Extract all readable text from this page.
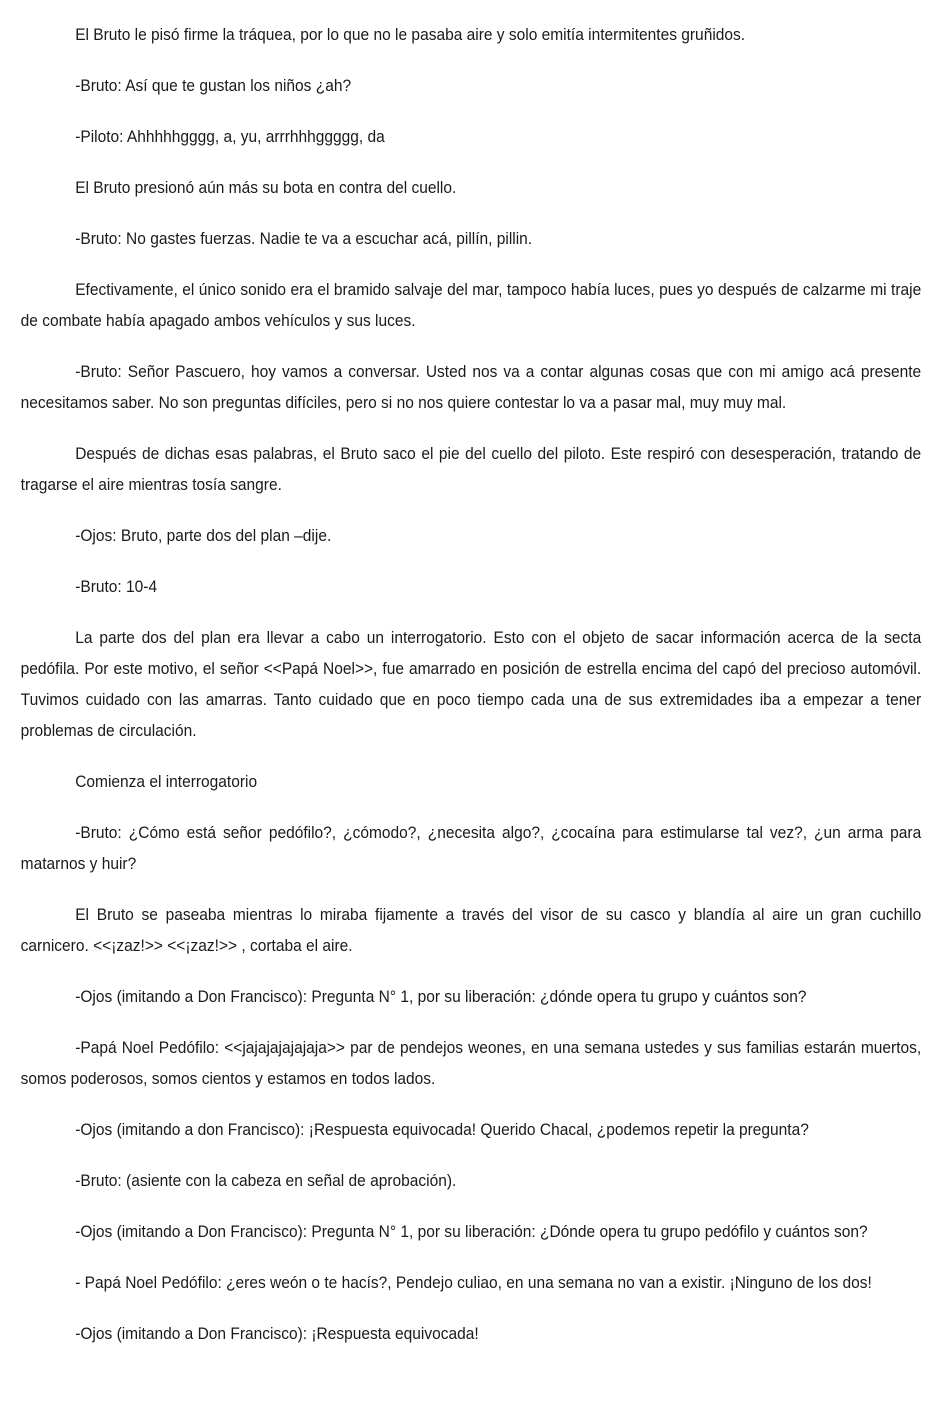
El Bruto le pisó firme la tráquea, por lo que no le pasaba aire y solo emitía intermitentes gruñidos.

-Bruto: Así que te gustan los niños ¿ah?

-Piloto: Ahhhhhgggg, a, yu, arrrhhhggggg, da

El Bruto presionó aún más su bota en contra del cuello.

-Bruto: No gastes fuerzas. Nadie te va a escuchar acá, pillín, pillin.

Efectivamente, el único sonido era el bramido salvaje del mar, tampoco había luces, pues yo después de calzarme mi traje de combate había apagado ambos vehículos y sus luces.

-Bruto: Señor Pascuero, hoy vamos a conversar. Usted nos va a contar algunas cosas que con mi amigo acá presente necesitamos saber. No son preguntas difíciles, pero si no nos quiere contestar lo va a pasar mal, muy muy mal.

Después de dichas esas palabras, el Bruto saco el pie del cuello del piloto. Este respiró con desesperación, tratando de tragarse el aire mientras tosía sangre.

-Ojos: Bruto, parte dos del plan –dije.

-Bruto: 10-4

La parte dos del plan era llevar a cabo un interrogatorio. Esto con el objeto de sacar información acerca de la secta pedófila. Por este motivo, el señor <<Papá Noel>>, fue amarrado en posición de estrella encima del capó del precioso automóvil. Tuvimos cuidado con las amarras. Tanto cuidado que en poco tiempo cada una de sus extremidades iba a empezar a tener problemas de circulación.

Comienza el interrogatorio

-Bruto: ¿Cómo está señor pedófilo?, ¿cómodo?, ¿necesita algo?, ¿cocaína para estimularse tal vez?, ¿un arma para matarnos y huir?

El Bruto se paseaba mientras lo miraba fijamente a través del visor de su casco y blandía al aire un gran cuchillo carnicero. <<¡zaz!>> <<¡zaz!>> , cortaba el aire.

-Ojos (imitando a Don Francisco): Pregunta N° 1, por su liberación: ¿dónde opera tu grupo y cuántos son?

-Papá Noel Pedófilo: <<jajajajajajaja>> par de pendejos weones, en una semana ustedes y sus familias estarán muertos, somos poderosos, somos cientos y estamos en todos lados.

-Ojos (imitando a don Francisco): ¡Respuesta equivocada! Querido Chacal, ¿podemos repetir la pregunta?

-Bruto: (asiente con la cabeza en señal de aprobación).

-Ojos (imitando a Don Francisco): Pregunta N° 1, por su liberación: ¿Dónde opera tu grupo pedófilo y cuántos son?

- Papá Noel Pedófilo: ¿eres weón o te hacís?, Pendejo culiao, en una semana no van a existir. ¡Ninguno de los dos!

-Ojos (imitando a Don Francisco): ¡Respuesta equivocada!
